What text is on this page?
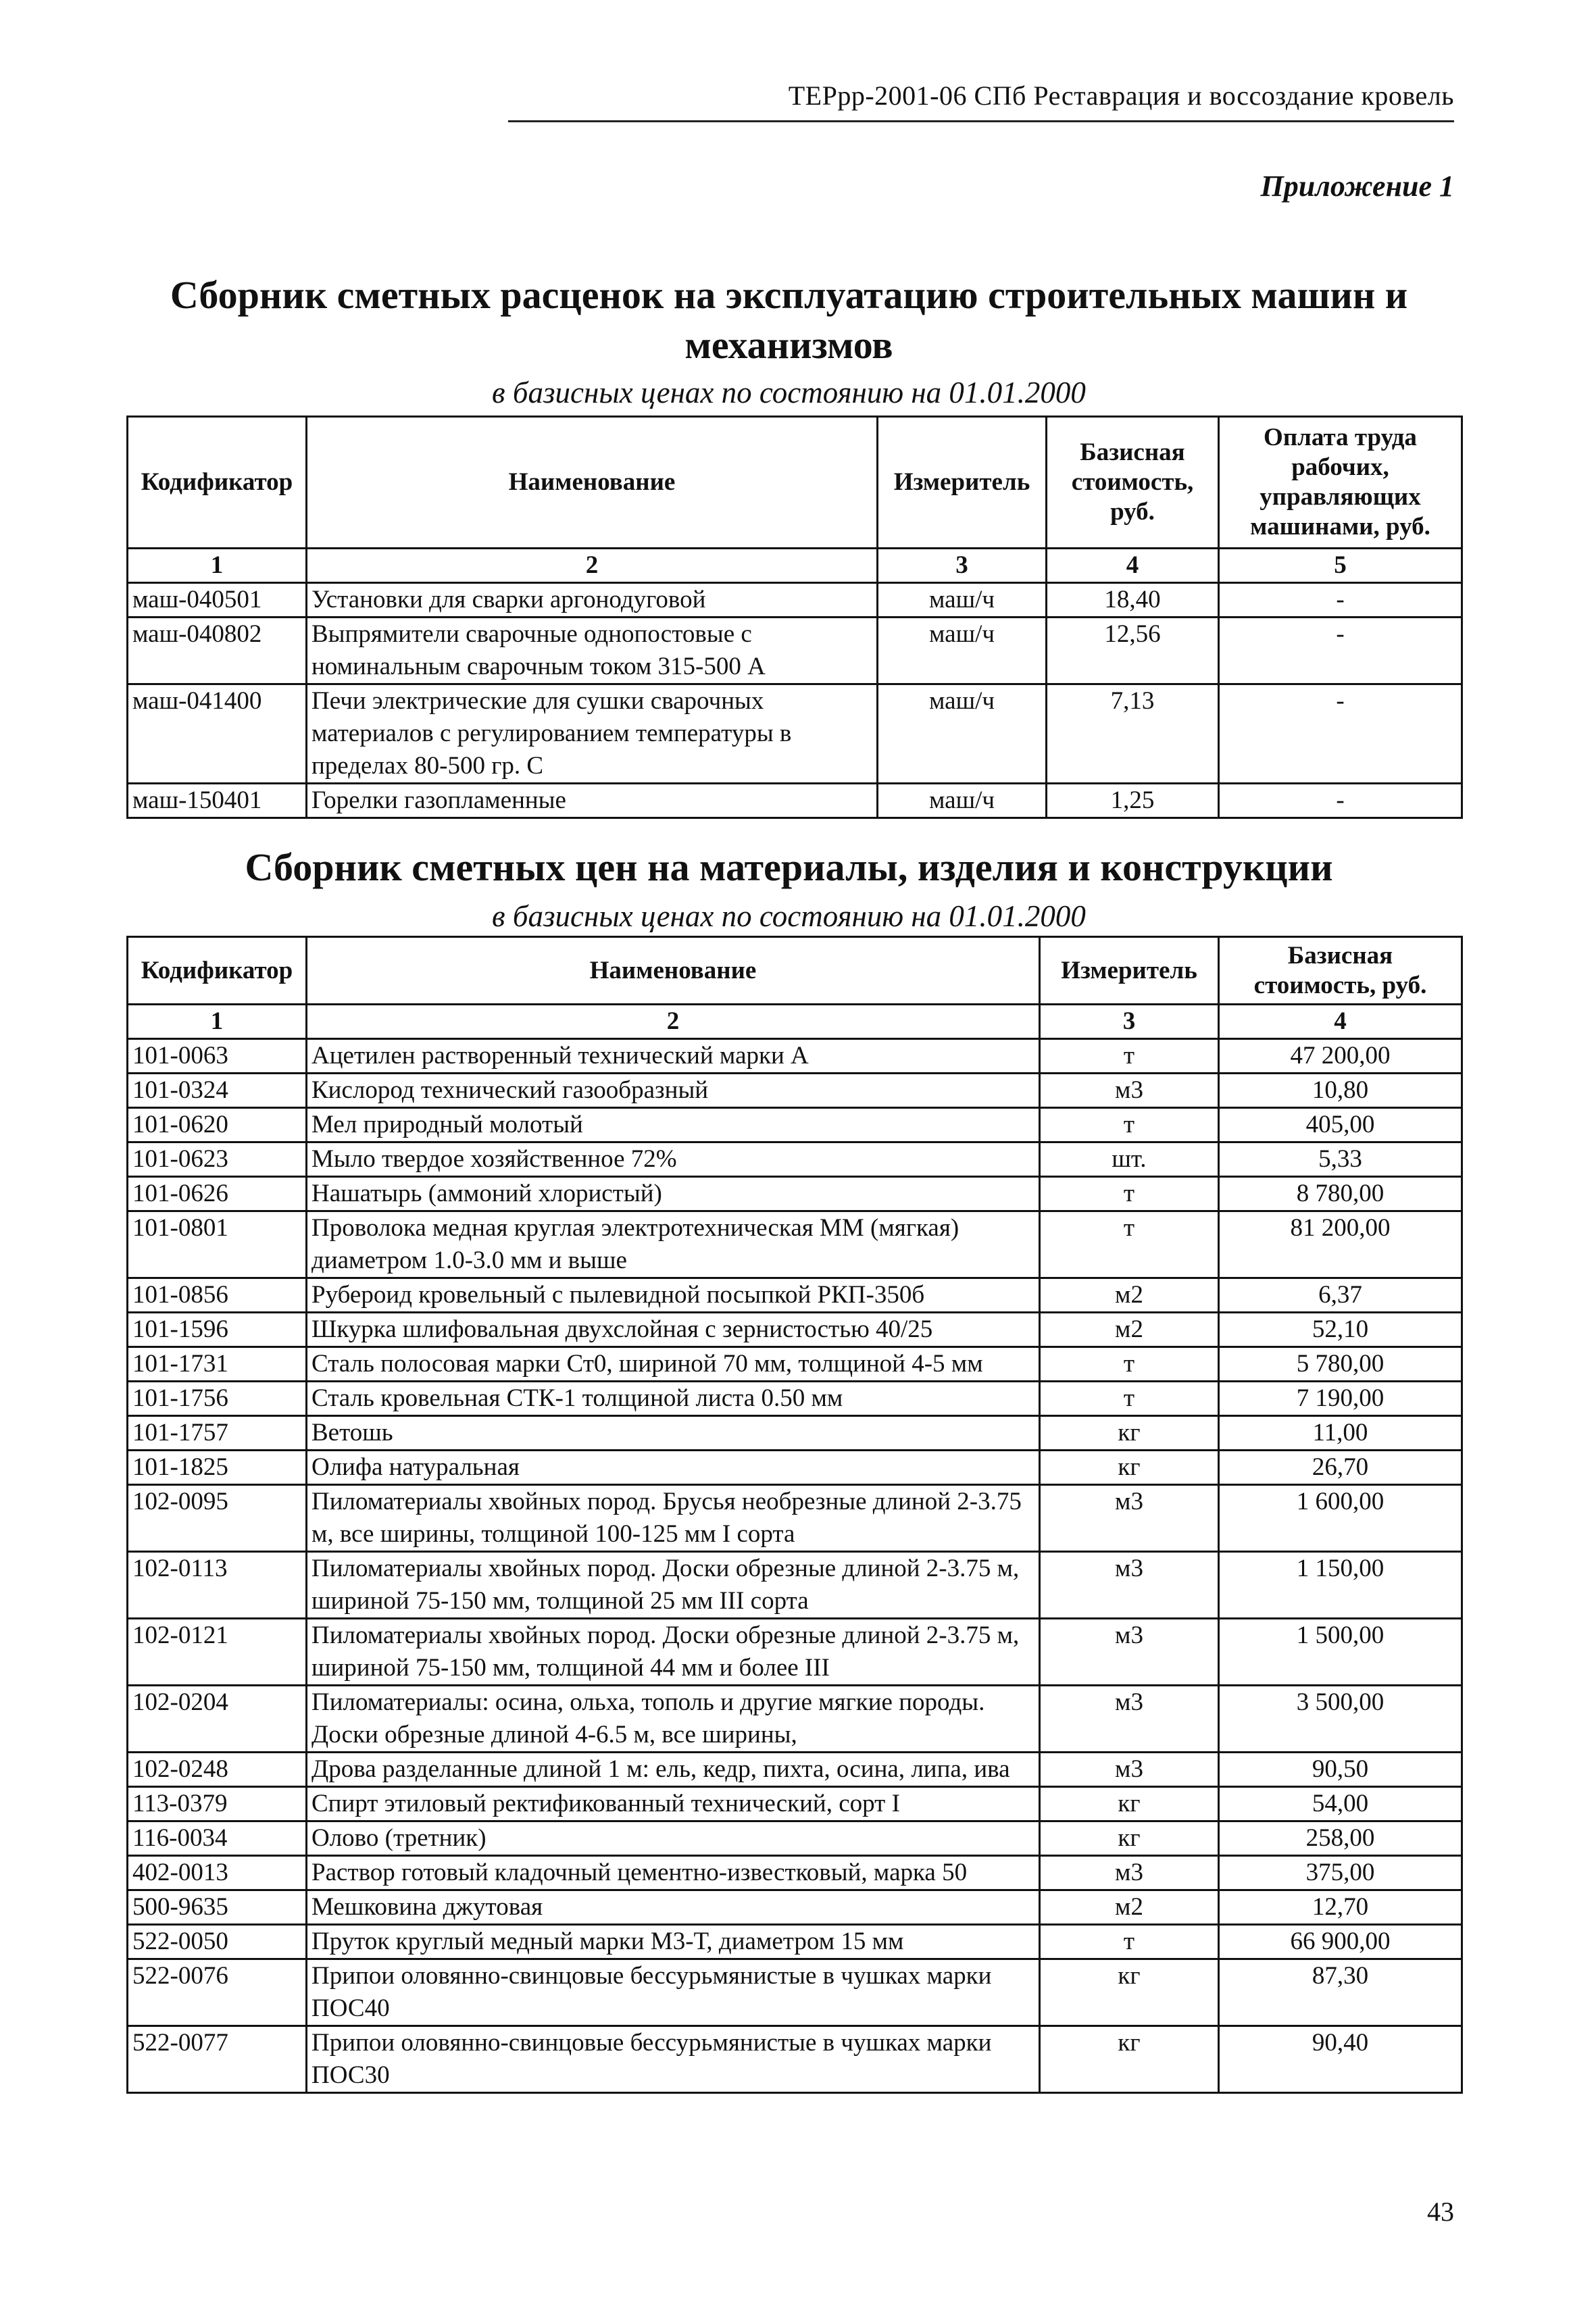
ТЕРрр-2001-06 СПб Реставрация и воссоздание кровель
Приложение 1
Сборник сметных расценок на эксплуатацию строительных машин и механизмов
в базисных ценах по состоянию на 01.01.2000
Кодификатор	Наименование	Измеритель	Базисная стоимость, руб.	Оплата труда рабочих, управляющих машинами, руб.
1	2	3	4	5
маш-040501	Установки для сварки аргонодуговой	маш/ч	18,40	-
маш-040802	Выпрямители сварочные однопостовые с номинальным сварочным током 315-500 А	маш/ч	12,56	-
маш-041400	Печи электрические для сушки сварочных материалов с регулированием температуры в пределах 80-500 гр. С	маш/ч	7,13	-
маш-150401	Горелки газопламенные	маш/ч	1,25	-
Сборник сметных цен на материалы, изделия и конструкции
в базисных ценах по состоянию на 01.01.2000
Кодификатор	Наименование	Измеритель	Базисная стоимость, руб.
1	2	3	4
101-0063	Ацетилен растворенный технический марки А	т	47 200,00
101-0324	Кислород технический газообразный	м3	10,80
101-0620	Мел природный молотый	т	405,00
101-0623	Мыло твердое хозяйственное 72%	шт.	5,33
101-0626	Нашатырь (аммоний хлористый)	т	8 780,00
101-0801	Проволока медная круглая электротехническая ММ (мягкая) диаметром 1.0-3.0 мм и выше	т	81 200,00
101-0856	Рубероид кровельный с пылевидной посыпкой РКП-350б	м2	6,37
101-1596	Шкурка шлифовальная двухслойная с зернистостью 40/25	м2	52,10
101-1731	Сталь полосовая марки Ст0, шириной 70 мм, толщиной 4-5 мм	т	5 780,00
101-1756	Сталь кровельная СТК-1 толщиной листа 0.50 мм	т	7 190,00
101-1757	Ветошь	кг	11,00
101-1825	Олифа натуральная	кг	26,70
102-0095	Пиломатериалы хвойных пород. Брусья необрезные длиной 2-3.75 м, все ширины, толщиной 100-125 мм I сорта	м3	1 600,00
102-0113	Пиломатериалы хвойных пород. Доски обрезные длиной 2-3.75 м, шириной 75-150 мм, толщиной 25 мм III сорта	м3	1 150,00
102-0121	Пиломатериалы хвойных пород. Доски обрезные длиной 2-3.75 м, шириной 75-150 мм, толщиной 44 мм и более III	м3	1 500,00
102-0204	Пиломатериалы: осина, ольха, тополь и другие мягкие породы. Доски обрезные длиной 4-6.5 м, все ширины,	м3	3 500,00
102-0248	Дрова разделанные длиной 1 м: ель, кедр, пихта, осина, липа, ива	м3	90,50
113-0379	Спирт этиловый ректификованный технический, сорт I	кг	54,00
116-0034	Олово (третник)	кг	258,00
402-0013	Раствор готовый кладочный цементно-известковый, марка 50	м3	375,00
500-9635	Мешковина джутовая	м2	12,70
522-0050	Пруток круглый медный марки М3-Т, диаметром 15 мм	т	66 900,00
522-0076	Припои оловянно-свинцовые бессурьмянистые в чушках марки ПОС40	кг	87,30
522-0077	Припои оловянно-свинцовые бессурьмянистые в чушках марки ПОС30	кг	90,40
43
